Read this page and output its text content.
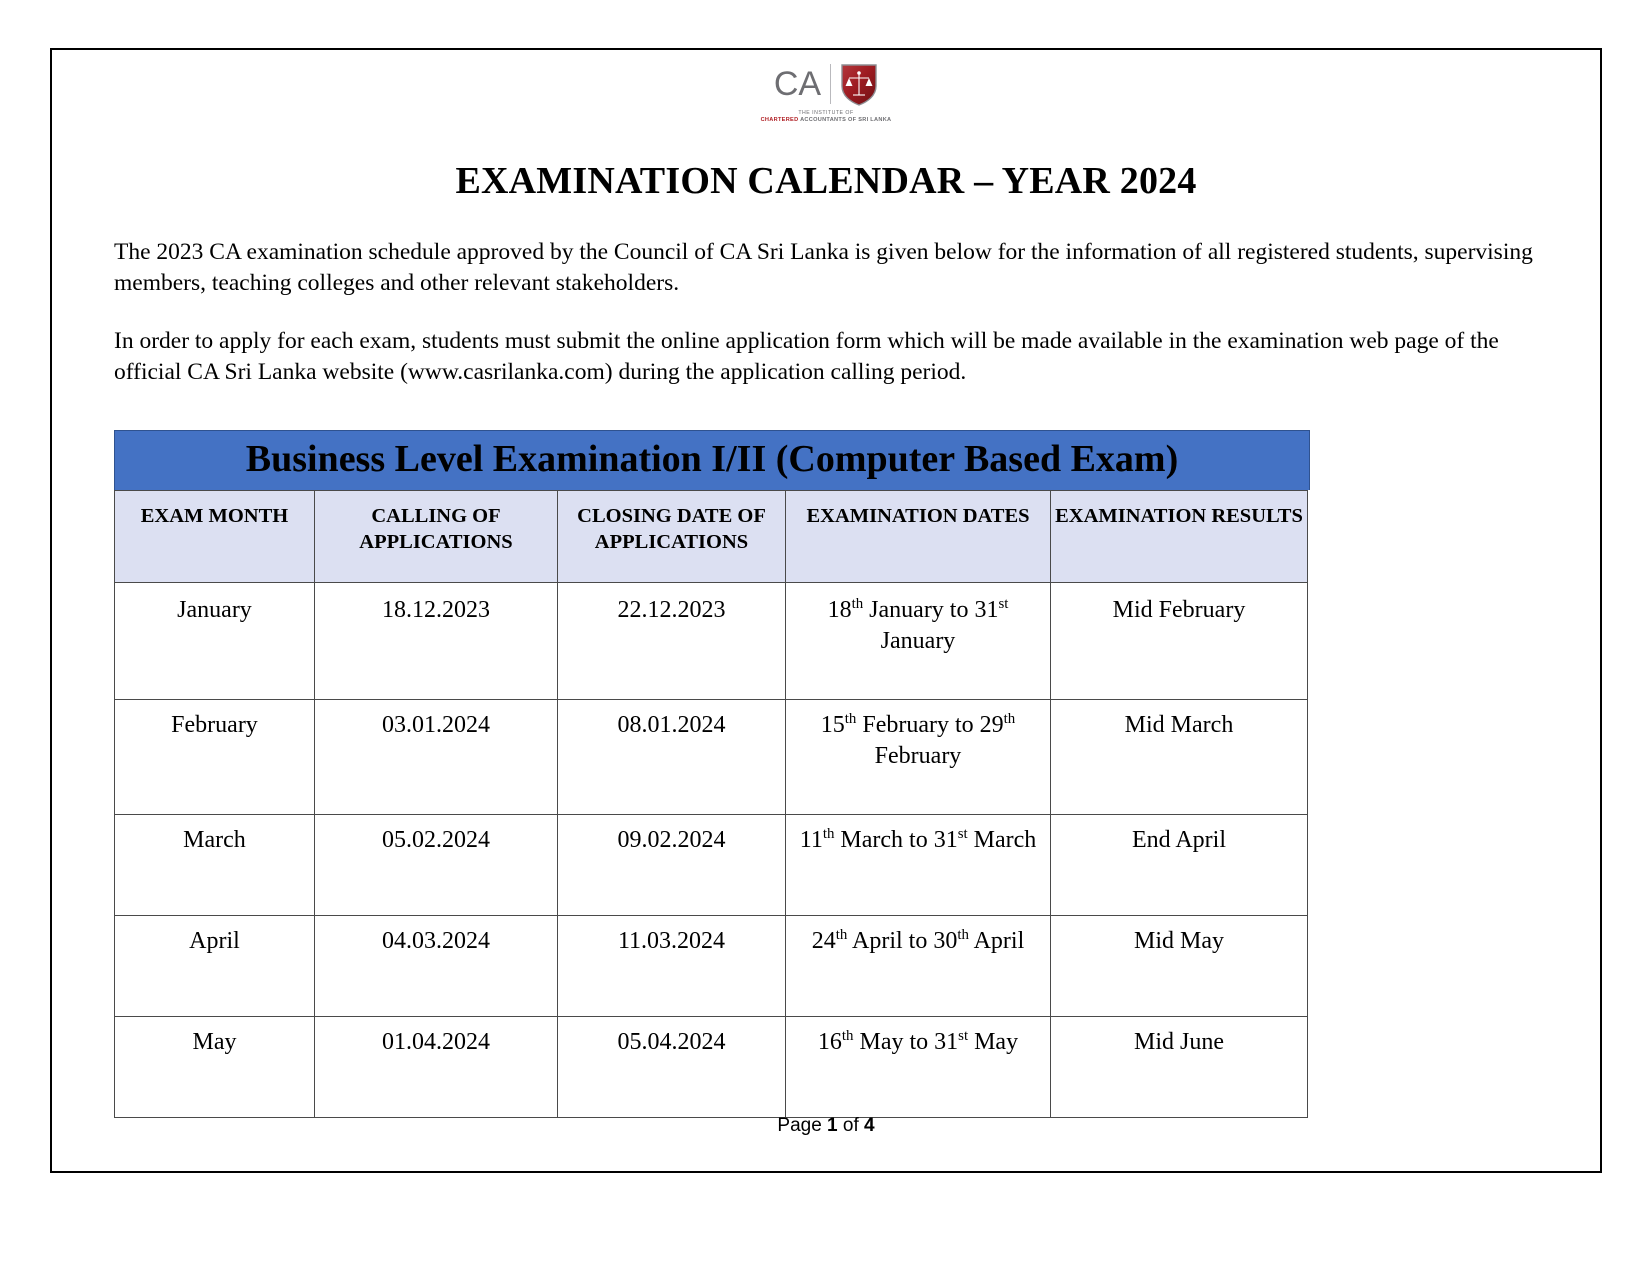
CA
THE INSTITUTE OF
CHARTERED ACCOUNTANTS OF SRI LANKA
EXAMINATION CALENDAR – YEAR 2024

The 2023 CA examination schedule approved by the Council of CA Sri Lanka is given below for the information of all registered students, supervising members, teaching colleges and other relevant stakeholders.

In order to apply for each exam, students must submit the online application form which will be made available in the examination web page of the official CA Sri Lanka website (www.casrilanka.com) during the application calling period.

Business Level Examination I/II (Computer Based Exam)
EXAM MONTH	CALLING OF APPLICATIONS	CLOSING DATE OF APPLICATIONS	EXAMINATION DATES	EXAMINATION RESULTS
January	18.12.2023	22.12.2023	18th January to 31st January	Mid February
February	03.01.2024	08.01.2024	15th February to 29th February	Mid March
March	05.02.2024	09.02.2024	11th March to 31st March	End April
April	04.03.2024	11.03.2024	24th April to 30th April	Mid May
May	01.04.2024	05.04.2024	16th May to 31st May	Mid June
Page 1 of 4
